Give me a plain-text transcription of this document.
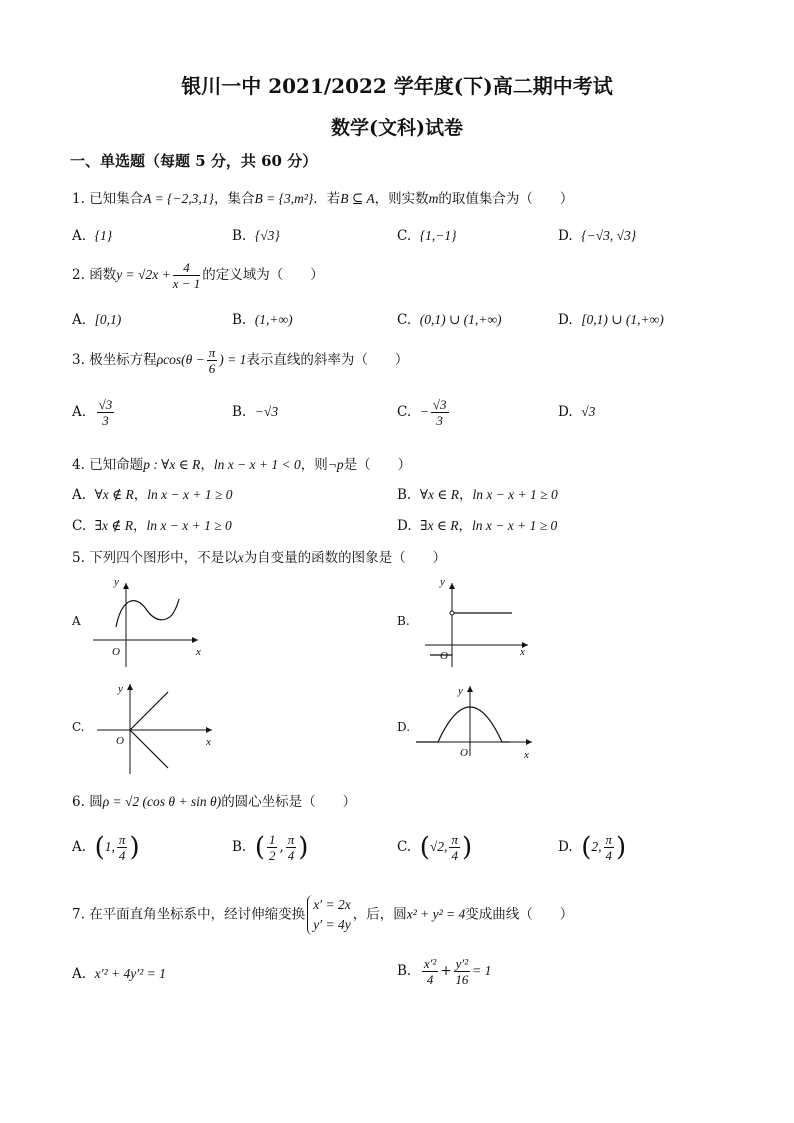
银川一中 2021/2022 学年度(下)高二期中考试
数学(文科)试卷
一、单选题（每题 5 分，共 60 分）
1. 已知集合A = {−2,3,1}，集合B = {3,m²}．若B ⊆ A，则实数m的取值集合为（　　）
A. {1}	B. {√3}	C. {1,−1}	D. {−√3, √3}
2. 函数$y = √2x + \frac{4}{x - 1}$ 的定义域为（　　）
A. [0,1)	B. (1,+∞)	C. (0,1) ∪ (1,+∞)	D. [0,1) ∪ (1,+∞)
3. 极坐标方程$\rho\cos(\theta - \frac{\pi}{6}$ ) = 1表示直线的斜率为（　　）
A. $\frac{√3}{3}$	B. −√3	C. − $\frac{√3}{3}$	D. √3
4. 已知命题p : ∀x ∈ R，ln x − x + 1 < 0，则¬p是（　　）
A. ∀x ∉ R，ln x − x + 1 ≥ 0	B. ∀x ∈ R，ln x − x + 1 ≥ 0
C. ∃x ∉ R，ln x − x + 1 ≥ 0	D. ∃x ∈ R，ln x − x + 1 ≥ 0
5. 下列四个图形中，不是以x为自变量的函数的图象是（　　）
A
y
O	x
B.
y
O	x
C.
y
O	x
D.
y
O	x
6. 圆ρ = √2 (cos θ + sin θ)的圆心坐标是（　　）
A. (1, $\frac{\pi}{4}$ )	B. ( $\frac{1}{2}$ , $\frac{\pi}{4}$ )	C. (√2, $\frac{\pi}{4}$ )	D. (2, $\frac{\pi}{4}$ )
7. 在平面直角坐标系中，经讨伸缩变换
x′ = 2x
y′ = 4y
，后，圆x² + y² = 4变成曲线（　　）
A. x′² + 4y′² = 1	B. $\frac{\text{x′²}}{4} + \frac{\text{y′²}}{16} = 1$
